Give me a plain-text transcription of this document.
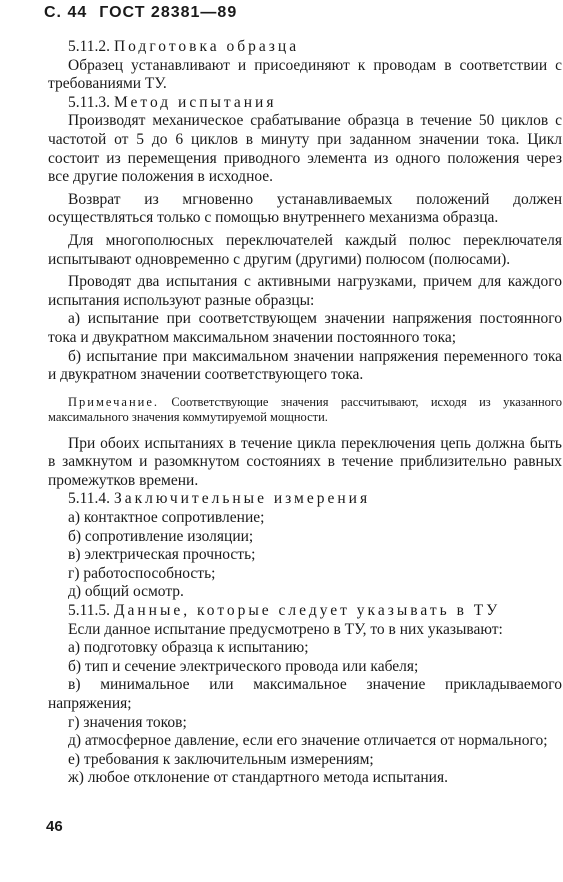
С. 44 ГОСТ 28381—89

5.11.2. Подготовка образца

Образец устанавливают и присоединяют к проводам в соответствии с требованиями ТУ.

5.11.3. Метод испытания

Производят механическое срабатывание образца в течение 50 циклов с частотой от 5 до 6 циклов в минуту при заданном значении тока. Цикл состоит из перемещения приводного элемента из одного положения через все другие положения в исходное.

Возврат из мгновенно устанавливаемых положений должен осуществляться только с помощью внутреннего механизма образца.

Для многополюсных переключателей каждый полюс переключателя испытывают одновременно с другим (другими) полюсом (полюсами).

Проводят два испытания с активными нагрузками, причем для каждого испытания используют разные образцы:

а) испытание при соответствующем значении напряжения постоянного тока и двукратном максимальном значении постоянного тока;

б) испытание при максимальном значении напряжения переменного тока и двукратном значении соответствующего тока.

Примечание. Соответствующие значения рассчитывают, исходя из указанного максимального значения коммутируемой мощности.

При обоих испытаниях в течение цикла переключения цепь должна быть в замкнутом и разомкнутом состояниях в течение приблизительно равных промежутков времени.

5.11.4. Заключительные измерения

а) контактное сопротивление;

б) сопротивление изоляции;

в) электрическая прочность;

г) работоспособность;

д) общий осмотр.

5.11.5. Данные, которые следует указывать в ТУ

Если данное испытание предусмотрено в ТУ, то в них указывают:

а) подготовку образца к испытанию;

б) тип и сечение электрического провода или кабеля;

в) минимальное или максимальное значение прикладываемого напряжения;

г) значения токов;

д) атмосферное давление, если его значение отличается от нормального;

е) требования к заключительным измерениям;

ж) любое отклонение от стандартного метода испытания.

46
